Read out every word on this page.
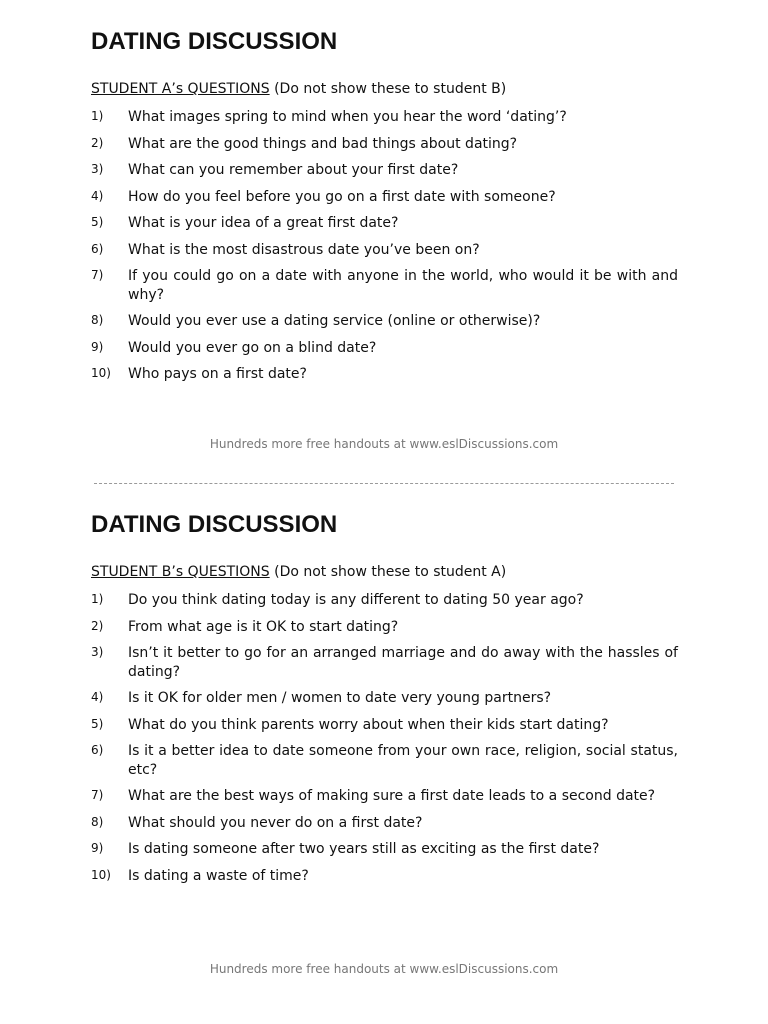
DATING DISCUSSION
STUDENT A’s QUESTIONS (Do not show these to student B)
1)	What images spring to mind when you hear the word ‘dating’?
2)	What are the good things and bad things about dating?
3)	What can you remember about your first date?
4)	How do you feel before you go on a first date with someone?
5)	What is your idea of a great first date?
6)	What is the most disastrous date you’ve been on?
7)	If you could go on a date with anyone in the world, who would it be with and why?
8)	Would you ever use a dating service (online or otherwise)?
9)	Would you ever go on a blind date?
10)	Who pays on a first date?
Hundreds more free handouts at www.eslDiscussions.com
DATING DISCUSSION
STUDENT B’s QUESTIONS (Do not show these to student A)
1)	Do you think dating today is any different to dating 50 year ago?
2)	From what age is it OK to start dating?
3)	Isn’t it better to go for an arranged marriage and do away with the hassles of dating?
4)	Is it OK for older men / women to date very young partners?
5)	What do you think parents worry about when their kids start dating?
6)	Is it a better idea to date someone from your own race, religion, social status, etc?
7)	What are the best ways of making sure a first date leads to a second date?
8)	What should you never do on a first date?
9)	Is dating someone after two years still as exciting as the first date?
10)	Is dating a waste of time?
Hundreds more free handouts at www.eslDiscussions.com
